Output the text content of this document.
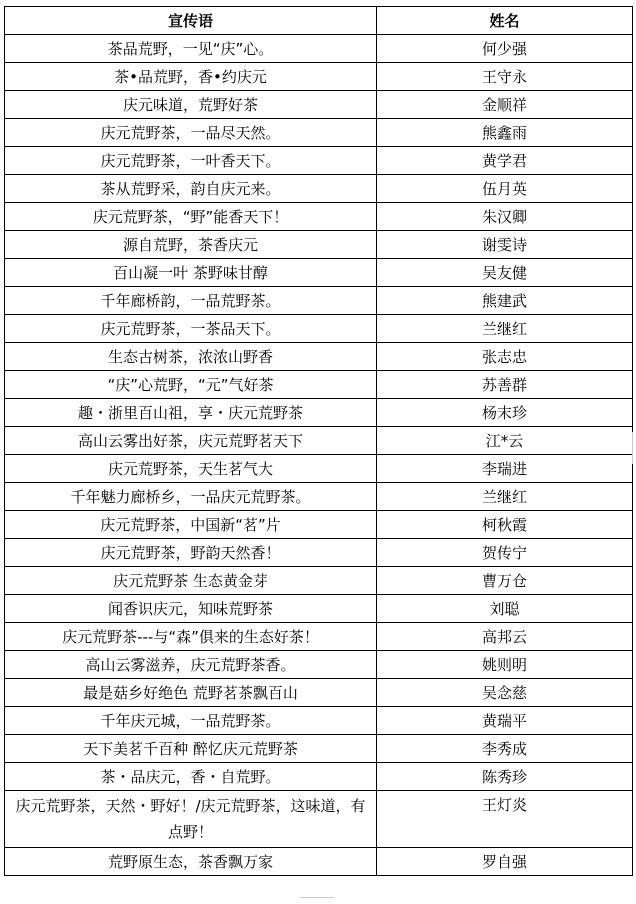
宣传语	姓名
茶品荒野，一见“庆”心。	何少强
茶•品荒野，香•约庆元	王守永
庆元味道，荒野好茶	金顺祥
庆元荒野茶，一品尽天然。	熊鑫雨
庆元荒野茶，一叶香天下。	黄学君
茶从荒野采，韵自庆元来。	伍月英
庆元荒野茶，“野”能香天下！	朱汉卿
源自荒野，茶香庆元	谢雯诗
百山凝一叶 茶野味甘醇	吴友健
千年廊桥韵，一品荒野茶。	熊建武
庆元荒野茶，一茶品天下。	兰继红
生态古树茶，浓浓山野香	张志忠
“庆”心荒野，“元”气好茶	苏善群
趣・浙里百山祖，享・庆元荒野茶	杨末珍
高山云雾出好茶，庆元荒野茗天下	江*云
庆元荒野茶，天生茗气大	李瑞进
千年魅力廊桥乡，一品庆元荒野茶。	兰继红
庆元荒野茶，中国新“茗”片	柯秋霞
庆元荒野茶，野韵天然香！	贺传宁
庆元荒野茶 生态黄金芽	曹万仓
闻香识庆元，知味荒野茶	刘聪
庆元荒野茶---与“森”俱来的生态好茶！	高邦云
高山云雾滋养，庆元荒野茶香。	姚则明
最是菇乡好绝色 荒野茗茶飘百山	吴念慈
千年庆元城，一品荒野茶。	黄瑞平
天下美茗千百种 醉忆庆元荒野茶	李秀成
茶・品庆元，香・自荒野。	陈秀珍
庆元荒野茶，天然・野好！/庆元荒野茶，这味道，有点野！	王灯炎
荒野原生态，茶香飘万家	罗自强
